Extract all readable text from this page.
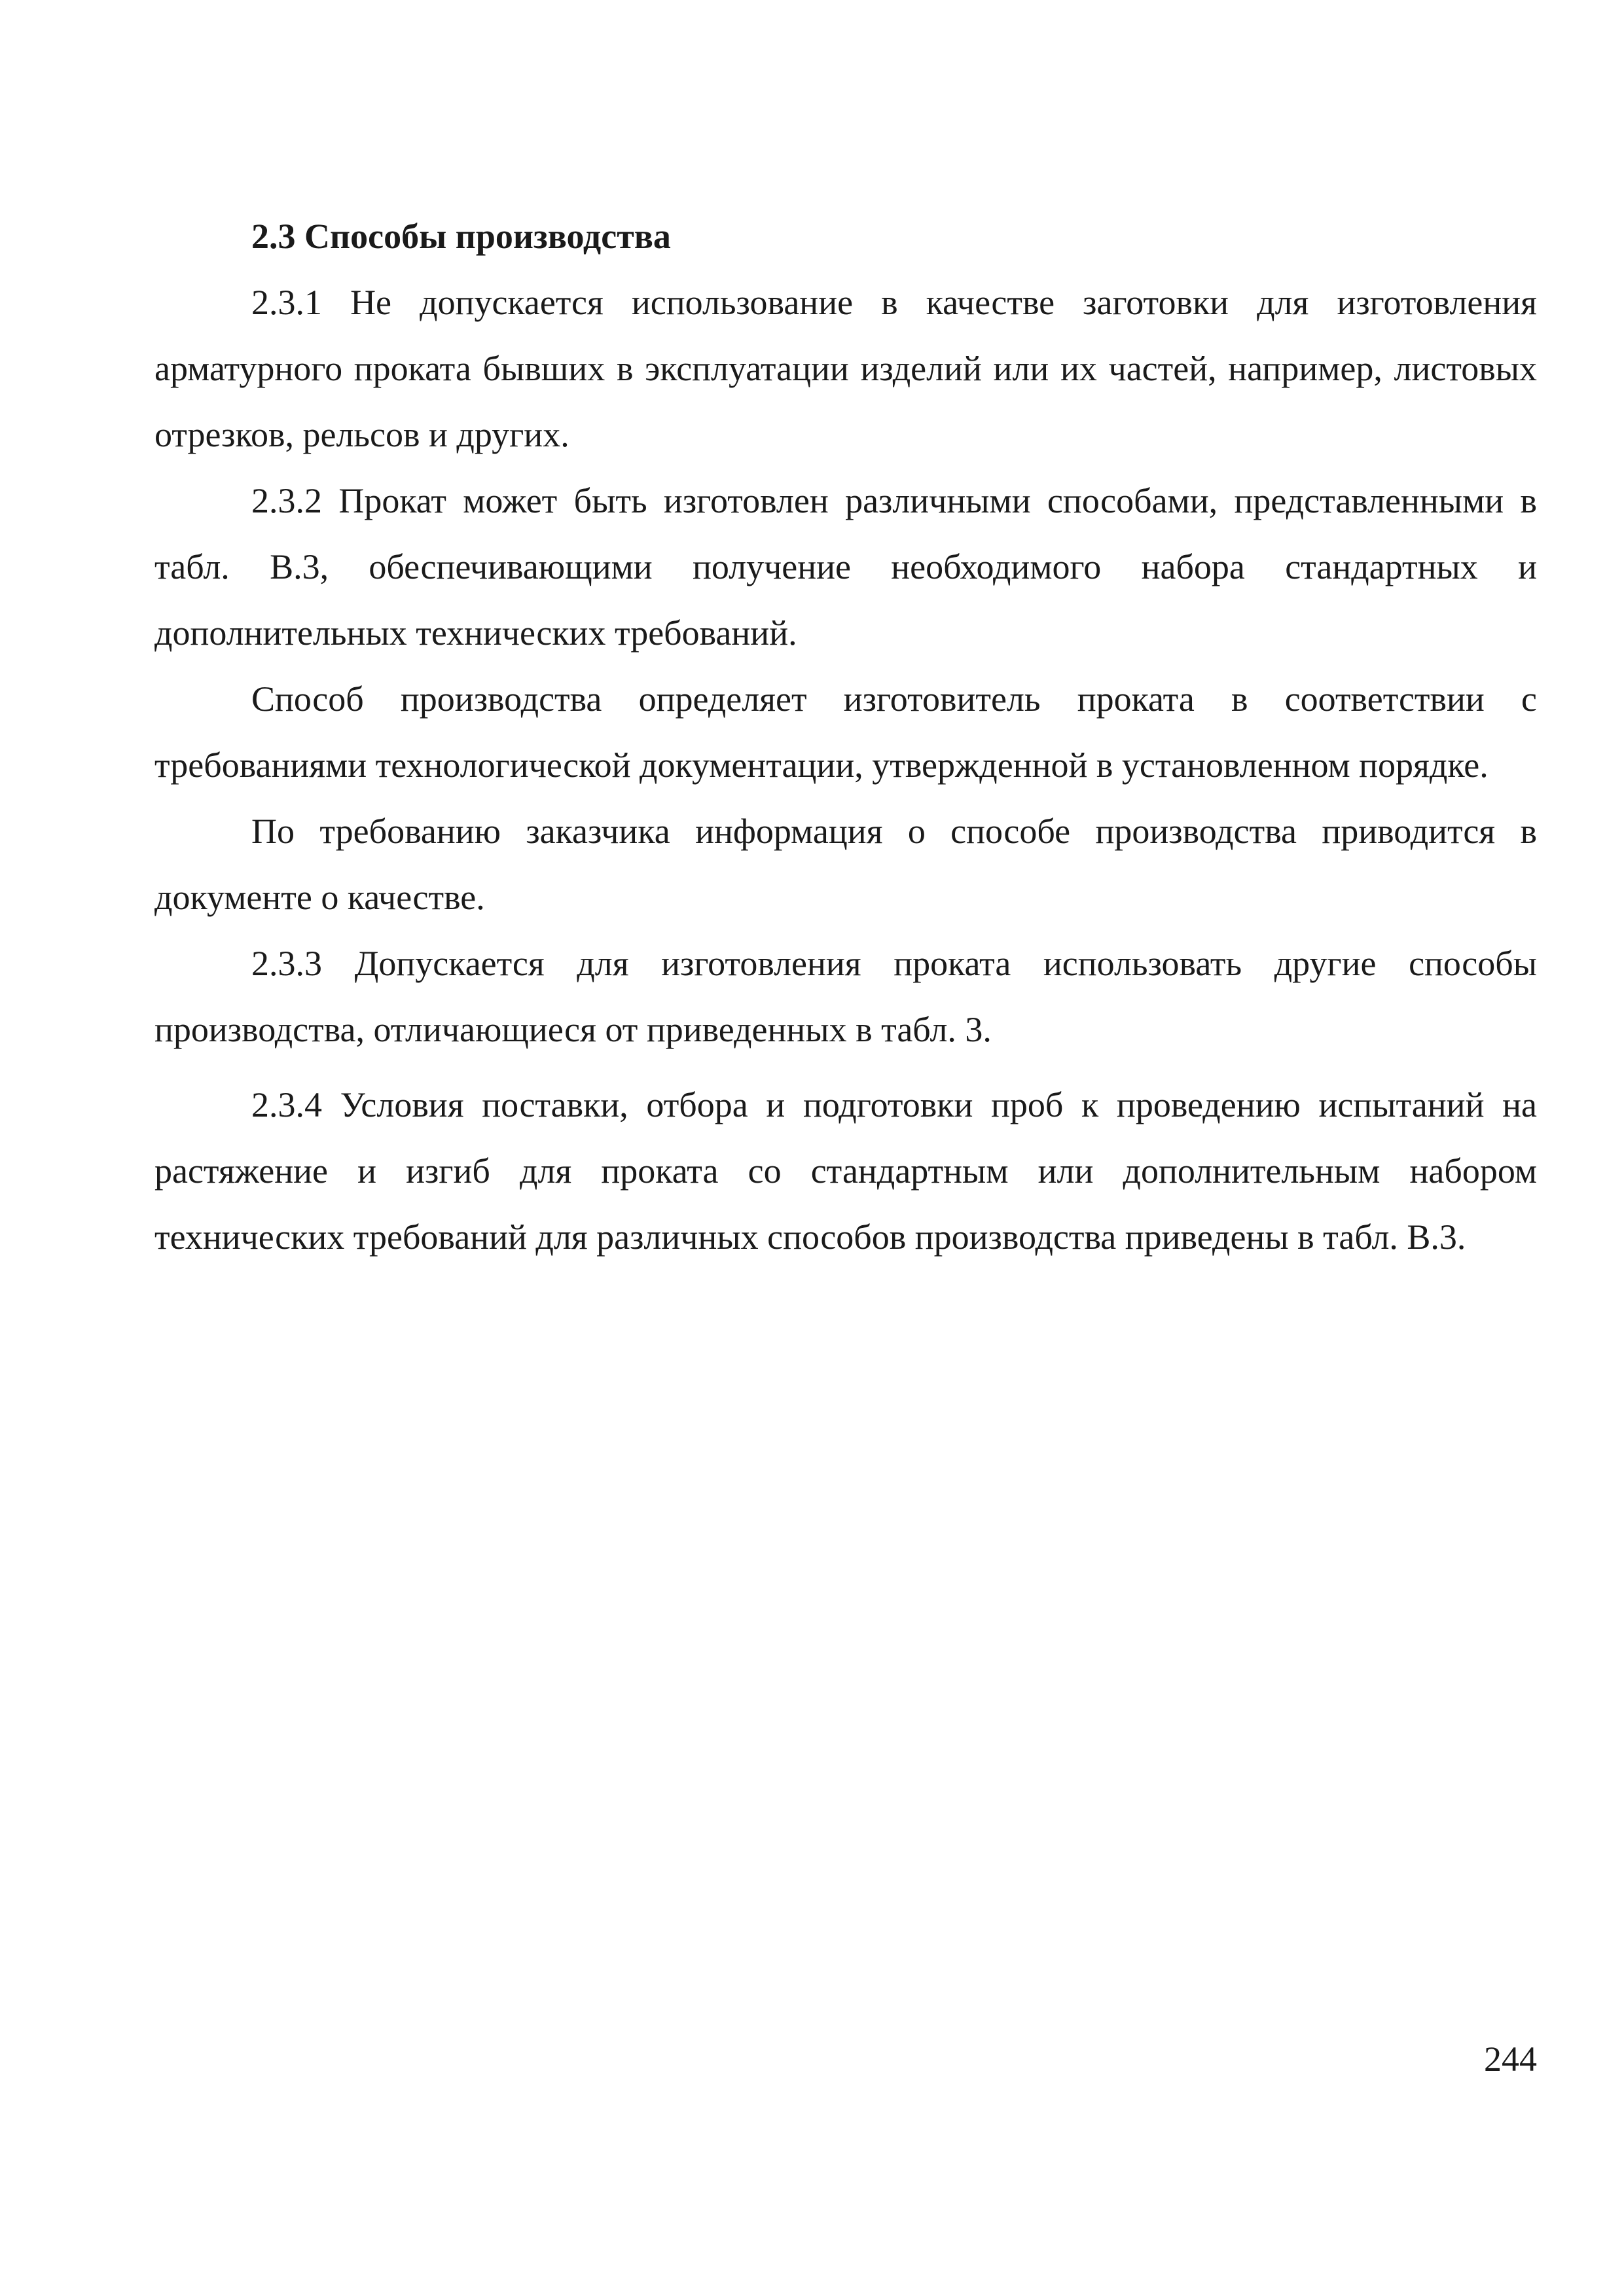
2.3 Способы производства

2.3.1 Не допускается использование в качестве заготовки для изготовления арматурного проката бывших в эксплуатации изделий или их частей, например, листовых отрезков, рельсов и других.

2.3.2 Прокат может быть изготовлен различными способами, представленными в табл. В.3, обеспечивающими получение необходимого набора стандартных и дополнительных технических требований.

Способ производства определяет изготовитель проката в соответствии с требованиями технологической документации, утвержденной в установленном порядке.

По требованию заказчика информация о способе производства приводится в документе о качестве.

2.3.3 Допускается для изготовления проката использовать другие способы производства, отличающиеся от приведенных в табл. 3.

2.3.4 Условия поставки, отбора и подготовки проб к проведению испытаний на растяжение и изгиб для проката со стандартным или дополнительным набором технических требований для различных способов производства приведены в табл. В.3.

244
